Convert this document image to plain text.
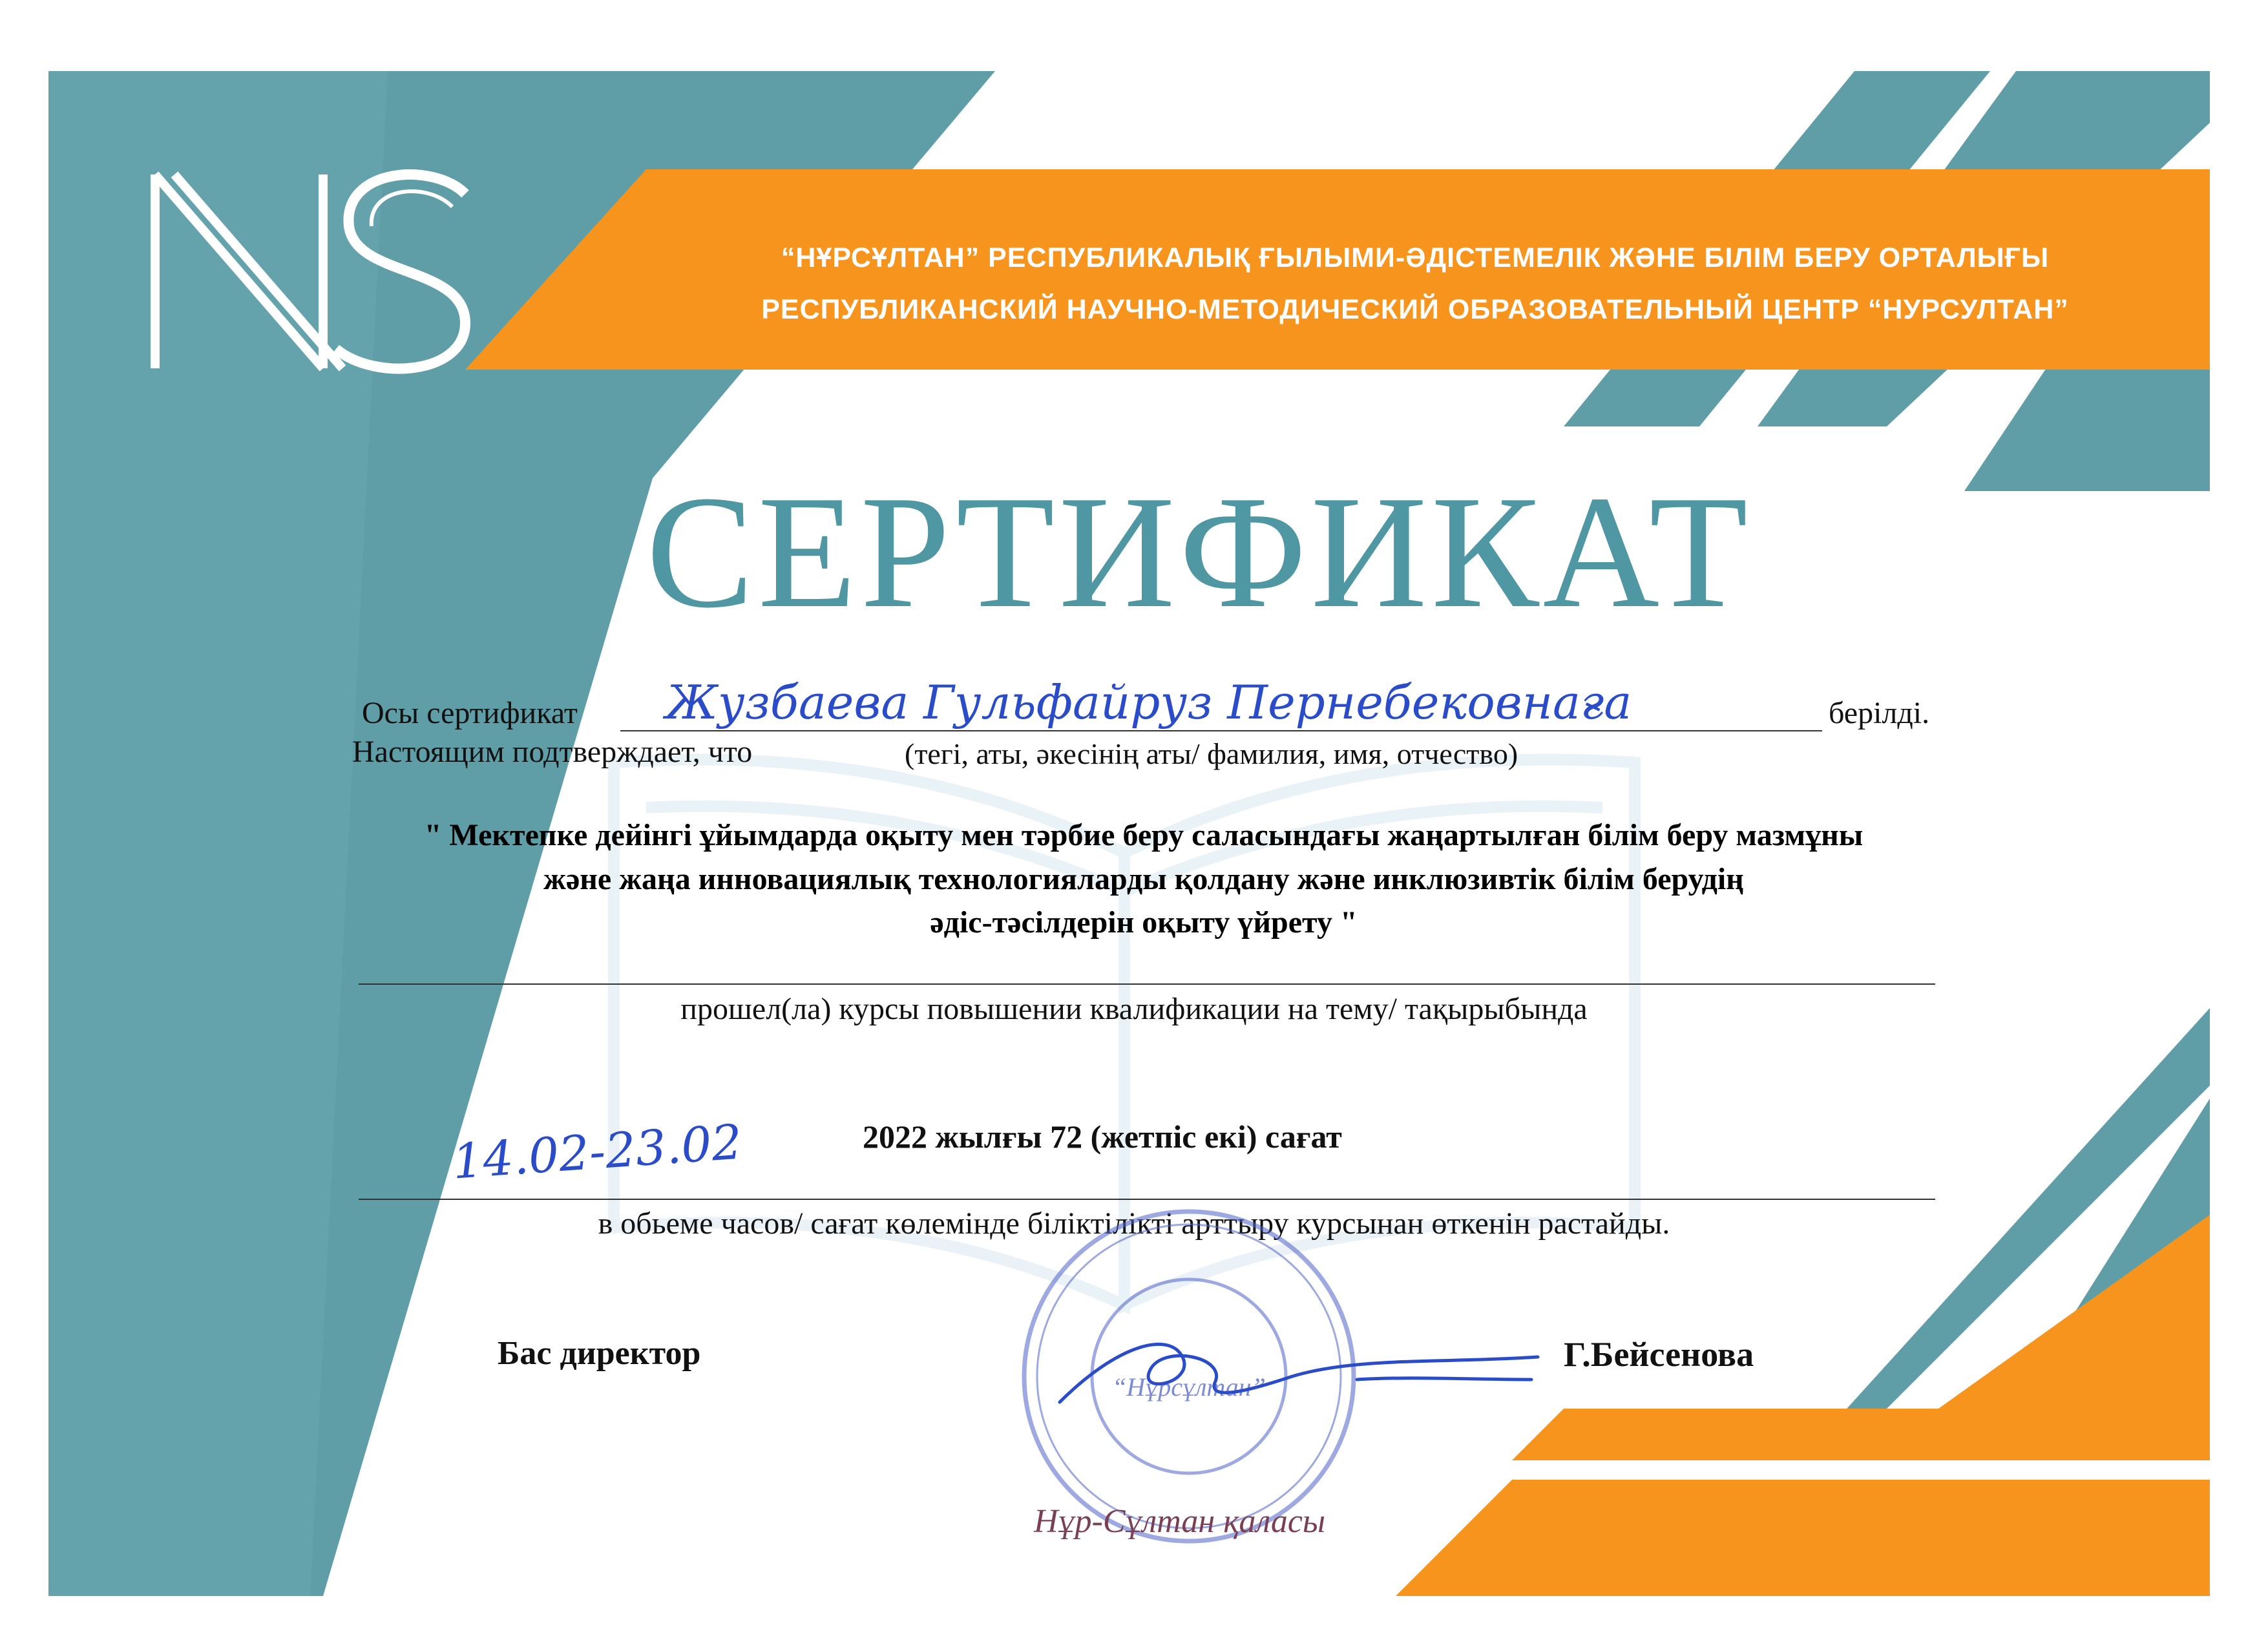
“НҰРСҰЛТАН” РЕСПУБЛИКАЛЫҚ ҒЫЛЫМИ-ӘДІСТЕМЕЛІК ЖӘНЕ БІЛІМ БЕРУ ОРТАЛЫҒЫ
РЕСПУБЛИКАНСКИЙ НАУЧНО-МЕТОДИЧЕСКИЙ ОБРАЗОВАТЕЛЬНЫЙ ЦЕНТР “НУРСУЛТАН”
СЕРТИФИКАТ
Осы сертификат Жузбаева Гульфайруз Пернебековнаға	берілді.
Настоящим подтверждает, что	(тегі, аты, әкесінің аты/ фамилия, имя, отчество)
" Мектепке дейінгі ұйымдарда оқыту мен тәрбие беру саласындағы жаңартылған білім беру мазмұны
және жаңа инновациялық технологияларды қолдану және инклюзивтік білім берудің
әдіс-тәсілдерін оқыту үйрету "
прошел(ла) курсы повышении квалификации на тему/ тақырыбында
14.02-23.02	2022 жылғы 72 (жетпіс екі) сағат
в обьеме часов/ сағат көлемінде біліктілікті арттыру курсынан өткенін растайды.
“Нұрсұлтан”
Бас директор	Г.Бейсенова
Нұр-Сұлтан қаласы
